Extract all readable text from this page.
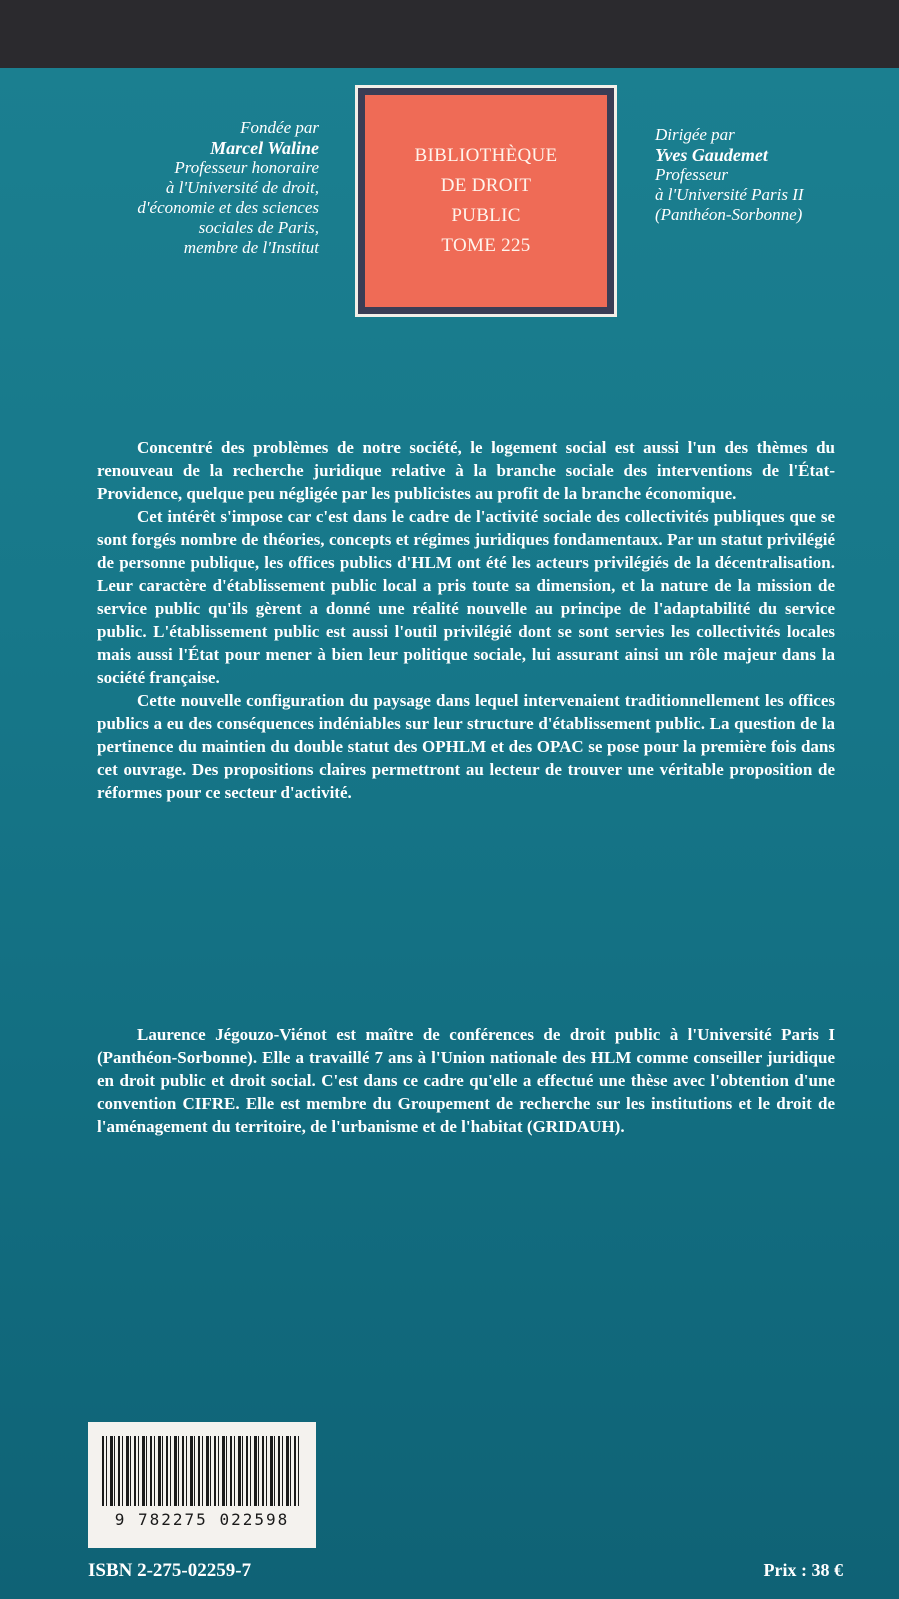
Fondée par
Marcel Waline
Professeur honoraire
à l'Université de droit,
d'économie et des sciences
sociales de Paris,
membre de l'Institut
BIBLIOTHÈQUE
DE DROIT
PUBLIC
TOME 225
Dirigée par
Yves Gaudemet
Professeur
à l'Université Paris II
(Panthéon-Sorbonne)

Concentré des problèmes de notre société, le logement social est aussi l'un des thèmes du renouveau de la recherche juridique relative à la branche sociale des interventions de l'État-Providence, quelque peu négligée par les publicistes au profit de la branche économique.

Cet intérêt s'impose car c'est dans le cadre de l'activité sociale des collectivités publiques que se sont forgés nombre de théories, concepts et régimes juridiques fondamentaux. Par un statut privilégié de personne publique, les offices publics d'HLM ont été les acteurs privilégiés de la décentralisation. Leur caractère d'établissement public local a pris toute sa dimension, et la nature de la mission de service public qu'ils gèrent a donné une réalité nouvelle au principe de l'adaptabilité du service public. L'établissement public est aussi l'outil privilégié dont se sont servies les collectivités locales mais aussi l'État pour mener à bien leur politique sociale, lui assurant ainsi un rôle majeur dans la société française.

Cette nouvelle configuration du paysage dans lequel intervenaient traditionnellement les offices publics a eu des conséquences indéniables sur leur structure d'établissement public. La question de la pertinence du maintien du double statut des OPHLM et des OPAC se pose pour la première fois dans cet ouvrage. Des propositions claires permettront au lecteur de trouver une véritable proposition de réformes pour ce secteur d'activité.

Laurence Jégouzo-Viénot est maître de conférences de droit public à l'Université Paris I (Panthéon-Sorbonne). Elle a travaillé 7 ans à l'Union nationale des HLM comme conseiller juridique en droit public et droit social. C'est dans ce cadre qu'elle a effectué une thèse avec l'obtention d'une convention CIFRE. Elle est membre du Groupement de recherche sur les institutions et le droit de l'aménagement du territoire, de l'urbanisme et de l'habitat (GRIDAUH).

9 782275 022598
ISBN 2-275-02259-7	Prix : 38 €
